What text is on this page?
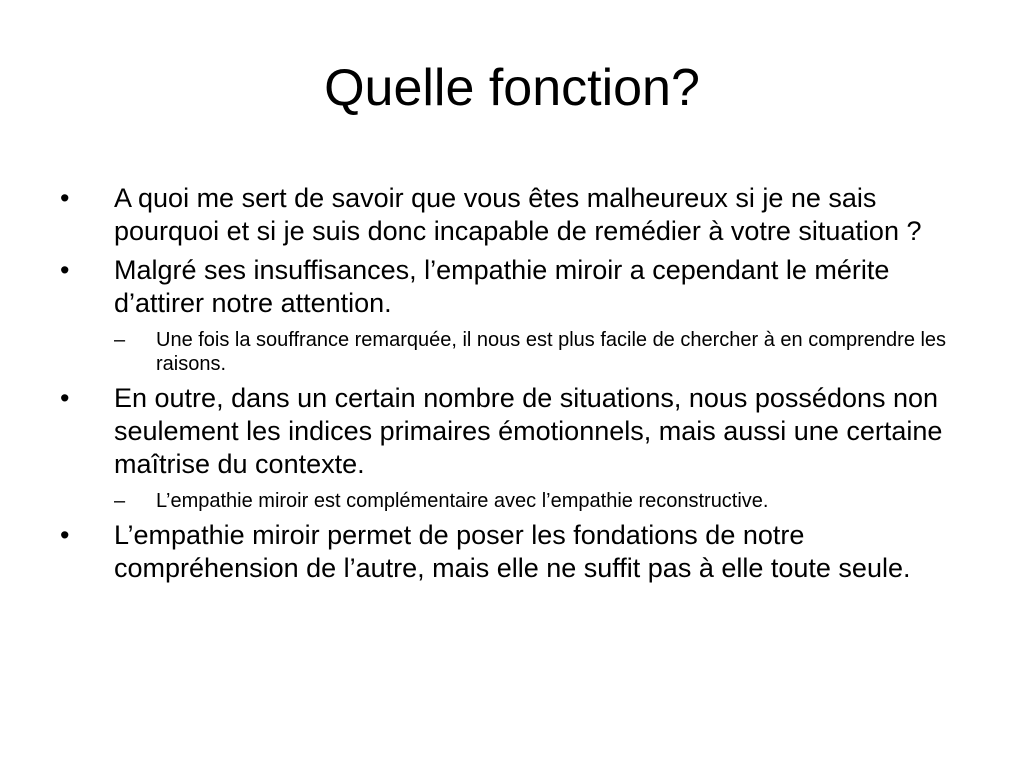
Quelle fonction?
•	A quoi me sert de savoir que vous êtes malheureux si je ne sais pourquoi et si je suis donc incapable de remédier à votre situation ?
•	Malgré ses insuffisances, l’empathie miroir a cependant le mérite d’attirer notre attention.
– Une fois la souffrance remarquée, il nous est plus facile de chercher à en comprendre les raisons.
•	En outre, dans un certain nombre de situations, nous possédons non seulement les indices primaires émotionnels, mais aussi une certaine maîtrise du contexte.
– L’empathie miroir est complémentaire avec l’empathie reconstructive.
•	L’empathie miroir permet de poser les fondations de notre compréhension de l’autre, mais elle ne suffit pas à elle toute seule.
